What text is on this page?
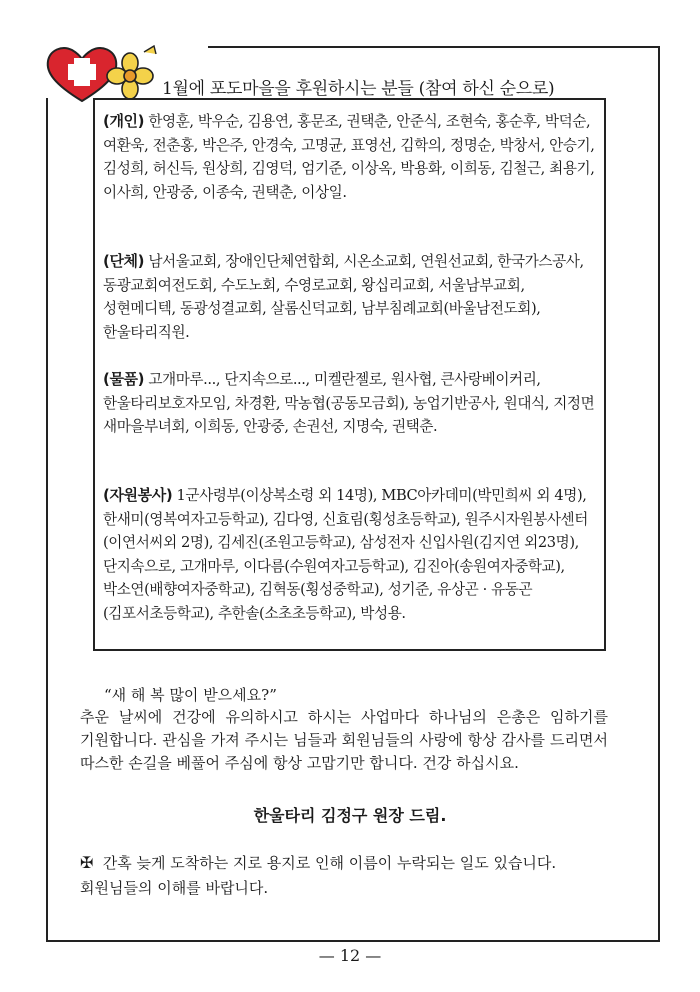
1월에 포도마을을 후원하시는 분들 (참여 하신 순으로)
(개인) 한영훈, 박우순, 김용연, 홍문조, 권택춘, 안준식, 조현숙, 홍순후, 박덕순, 여환욱, 전춘홍, 박은주, 안경숙, 고명균, 표영선, 김학의, 정명순, 박창서, 안승기, 김성희, 허신득, 원상희, 김영덕, 엄기준, 이상옥, 박용화, 이희동, 김철근, 최용기, 이사희, 안광중, 이종숙, 권택춘, 이상일.
(단체) 남서울교회, 장애인단체연합회, 시온소교회, 연원선교회, 한국가스공사, 동광교회여전도회, 수도노회, 수영로교회, 왕십리교회, 서울남부교회, 성현메디텍, 동광성결교회, 살롬신덕교회, 남부침례교회(바울남전도회), 한울타리직원.
(물품) 고개마루..., 단지속으로..., 미켈란젤로, 원사협, 큰사랑베이커리, 한울타리보호자모임, 차경환, 막농협(공동모금회), 농업기반공사, 원대식, 지정면 새마을부녀회, 이희동, 안광중, 손권선, 지명숙, 권택춘.
(자원봉사) 1군사령부(이상복소령 외 14명), MBC아카데미(박민희씨 외 4명), 한새미(영복여자고등학교), 김다영, 신효림(횡성초등학교), 원주시자원봉사센터(이연서씨외 2명), 김세진(조원고등학교), 삼성전자 신입사원(김지연 외23명), 단지속으로, 고개마루, 이다름(수원여자고등학교), 김진아(송원여자중학교), 박소연(배향여자중학교), 김혁동(횡성중학교), 성기준, 유상곤 · 유동곤(김포서초등학교), 추한솔(소초초등학교), 박성용.
“새 해 복 많이 받으세요?”
추운 날씨에 건강에 유의하시고 하시는 사업마다 하나님의 은총은 임하기를 기원합니다. 관심을 가져 주시는 님들과 회원님들의 사랑에 항상 감사를 드리면서 따스한 손길을 베풀어 주심에 항상 고맙기만 합니다. 건강 하십시요.
한울타리 김정구 원장 드림.
✠ 간혹 늦게 도착하는 지로 용지로 인해 이름이 누락되는 일도 있습니다. 회원님들의 이해를 바랍니다.
— 12 —
